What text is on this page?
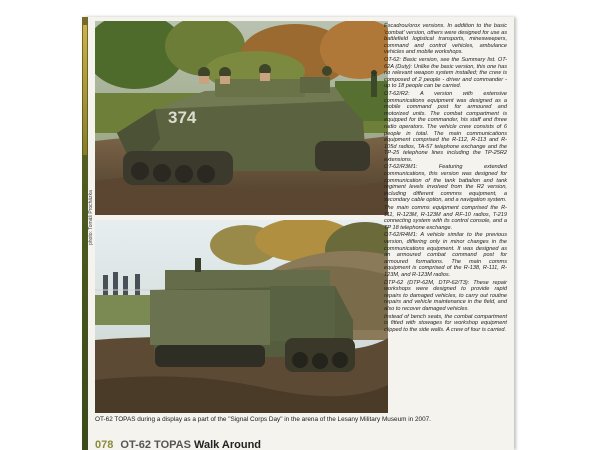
photo: Tomáš Procházka
374

Escadrou/orox versions. In addition to the basic 'combat' version, others were designed for use as battlefield logistical transports, minesweepers, command and control vehicles, ambulance vehicles and mobile workshops.

OT-62: Basic version, see the Summary list. OT-62A (Duty): Unlike the basic version, this one has no relevant weapon system installed; the crew is composed of 2 people - driver and commander - up to 18 people can be carried.

OT-62/R2: A version with extensive communications equipment was designed as a mobile command post for armoured and motorized units. The combat compartment is equipped for the commander, his staff and three radio operators. The vehicle crew consists of 6 people in total. The main communications equipment comprised the R-112, R-113 and R-105d radios, TA-57 telephone exchange and the TP-25 telephone lines including the TP-25R2 extensions.

OT-62/R3M1: Featuring extended communications, this version was designed for communication of the tank battalion and tank regiment levels involved from the R2 version, including different commns equipment, a secondary cable option, and a navigation system.

The main comms equipment comprised the R-111, R-123M, R-123M and RF-10 radios, T-219 connecting system with its control console, and a TP 18 telephone exchange.

OT-62/R4M1: A vehicle similar to the previous version, differing only in minor changes in the communications equipment. It was designed as an armoured combat command post for armoured formations. The main comms equipment is comprised of the R-138, R-111, R-123M, and R-123M radios.

DTP-62 (DTP-62M, DTP-62/T3): These repair workshops were designed to provide rapid repairs to damaged vehicles, to carry out routine repairs and vehicle maintenance in the field, and also to recover damaged vehicles.

Instead of bench seats, the combat compartment is fitted with stowages for workshop equipment clipped to the side walls. A crew of four is carried.

OT-62 TOPAS during a display as a part of the "Signal Corps Day" in the arena of the Lesany Military Museum in 2007.
078 OT-62 TOPAS Walk Around
